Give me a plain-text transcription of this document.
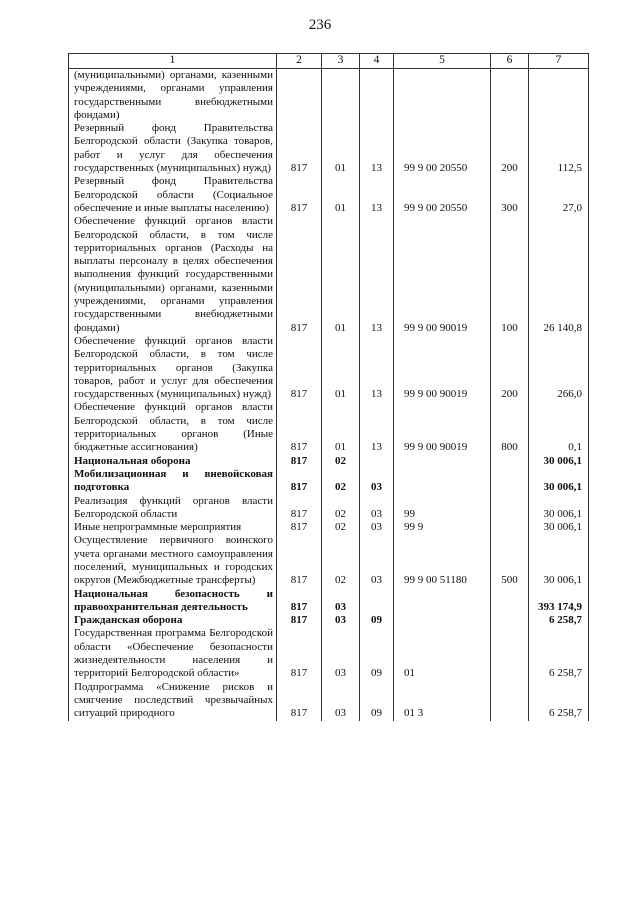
236
1	2	3	4	5	6	7
(муниципальными) органами, казенными учреждениями, органами управления государственными внебюджетными фондами)						
Резервный фонд Правительства Белгородской области (Закупка товаров, работ и услуг для обеспечения государственных (муниципальных) нужд)	817	01	13	99 9 00 20550	200	112,5
Резервный фонд Правительства Белгородской области (Социальное обеспечение и иные выплаты населению)	817	01	13	99 9 00 20550	300	27,0
Обеспечение функций органов власти Белгородской области, в том числе территориальных органов (Расходы на выплаты персоналу в целях обеспечения выполнения функций государственными (муниципальными) органами, казенными учреждениями, органами управления государственными внебюджетными фондами)	817	01	13	99 9 00 90019	100	26 140,8
Обеспечение функций органов власти Белгородской области, в том числе территориальных органов (Закупка товаров, работ и услуг для обеспечения государственных (муниципальных) нужд)	817	01	13	99 9 00 90019	200	266,0
Обеспечение функций органов власти Белгородской области, в том числе территориальных органов (Иные бюджетные ассигнования)	817	01	13	99 9 00 90019	800	0,1
Национальная оборона	817	02				30 006,1
Мобилизационная и вневойсковая подготовка	817	02	03			30 006,1
Реализация функций органов власти Белгородской области	817	02	03	99		30 006,1
Иные непрограммные мероприятия	817	02	03	99 9		30 006,1
Осуществление первичного воинского учета органами местного самоуправления поселений, муниципальных и городских округов (Межбюджетные трансферты)	817	02	03	99 9 00 51180	500	30 006,1
Национальная безопасность и правоохранительная деятельность	817	03				393 174,9
Гражданская оборона	817	03	09			6 258,7
Государственная программа Белгородской области «Обеспечение безопасности жизнедеятельности населения и территорий Белгородской области»	817	03	09	01		6 258,7
Подпрограмма «Снижение рисков и смягчение последствий чрезвычайных ситуаций природного	817	03	09	01 3		6 258,7
